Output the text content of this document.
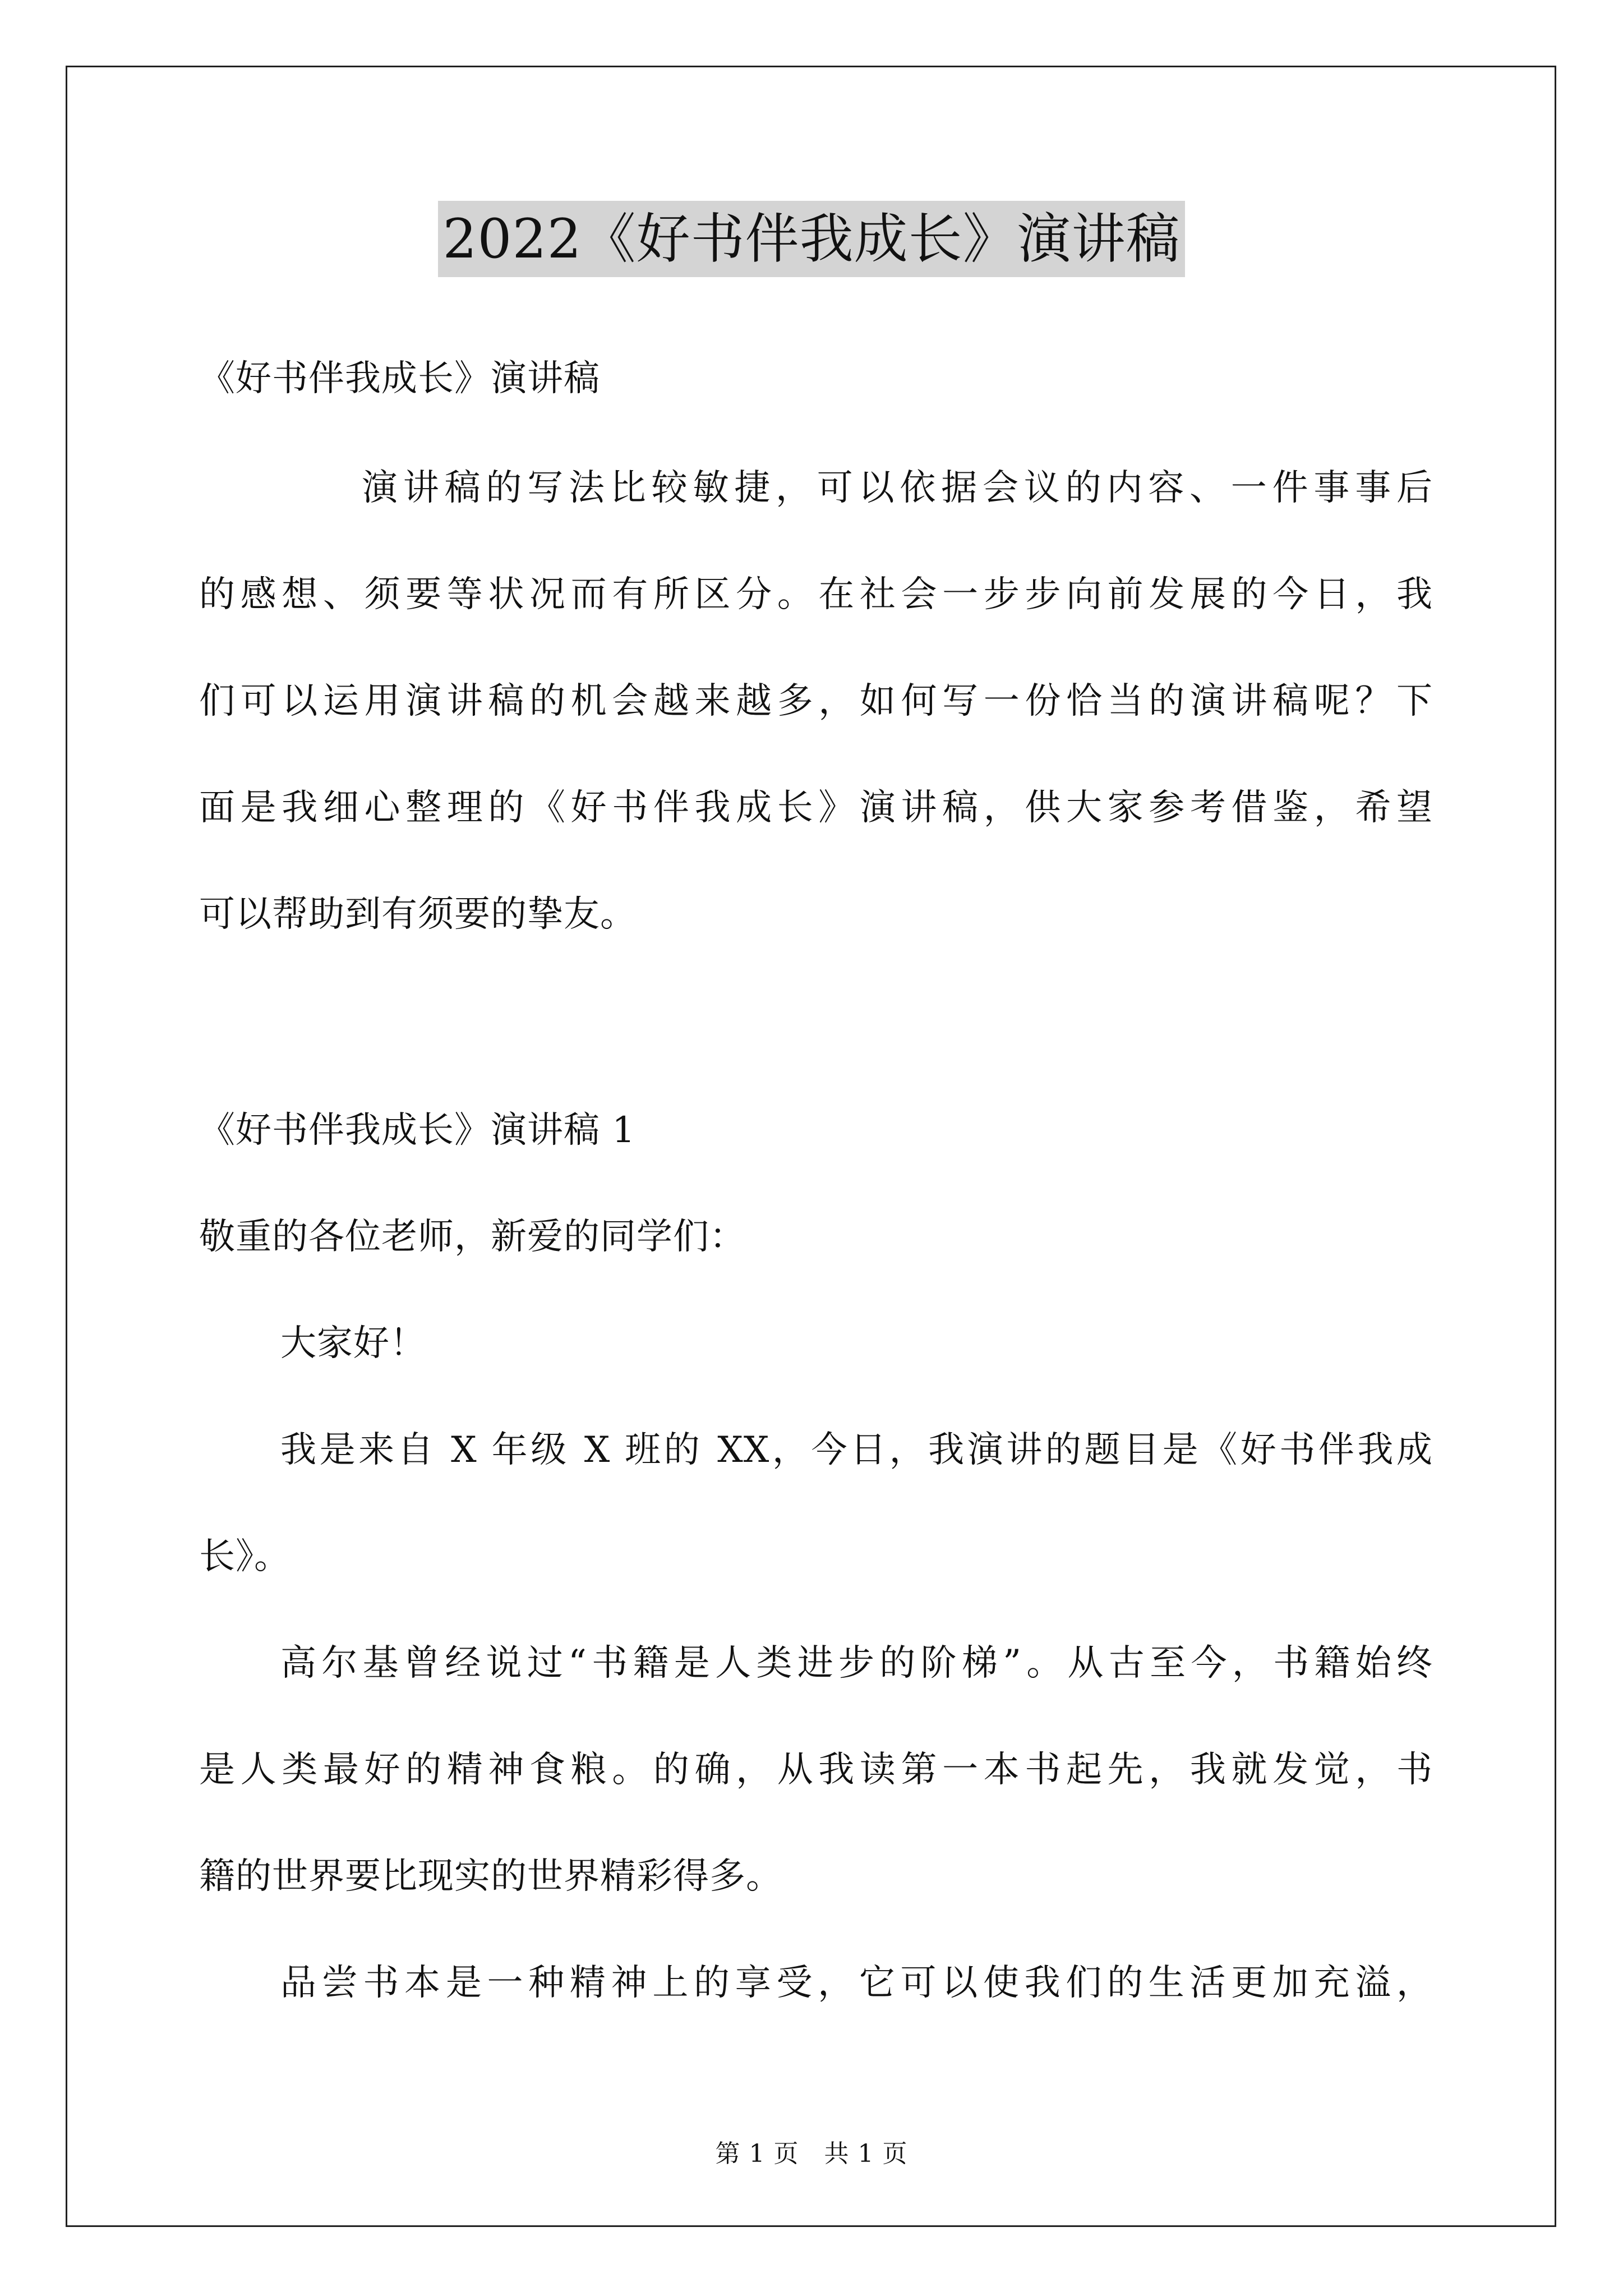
2022《好书伴我成长》演讲稿
《好书伴我成长》演讲稿
演讲稿的写法比较敏捷，可以依据会议的内容、一件事事后
的感想、须要等状况而有所区分。在社会一步步向前发展的今日，我
们可以运用演讲稿的机会越来越多，如何写一份恰当的演讲稿呢？下
面是我细心整理的《好书伴我成长》演讲稿，供大家参考借鉴，希望
可以帮助到有须要的挚友。
《好书伴我成长》演讲稿 1
敬重的各位老师，新爱的同学们：
大家好！
我是来自 X 年级 X 班的 XX，今日，我演讲的题目是《好书伴我成
长》。
高尔基曾经说过“书籍是人类进步的阶梯”。从古至今，书籍始终
是人类最好的精神食粮。的确，从我读第一本书起先，我就发觉，书
籍的世界要比现实的世界精彩得多。
品尝书本是一种精神上的享受，它可以使我们的生活更加充溢，
第 1 页　共 1 页
